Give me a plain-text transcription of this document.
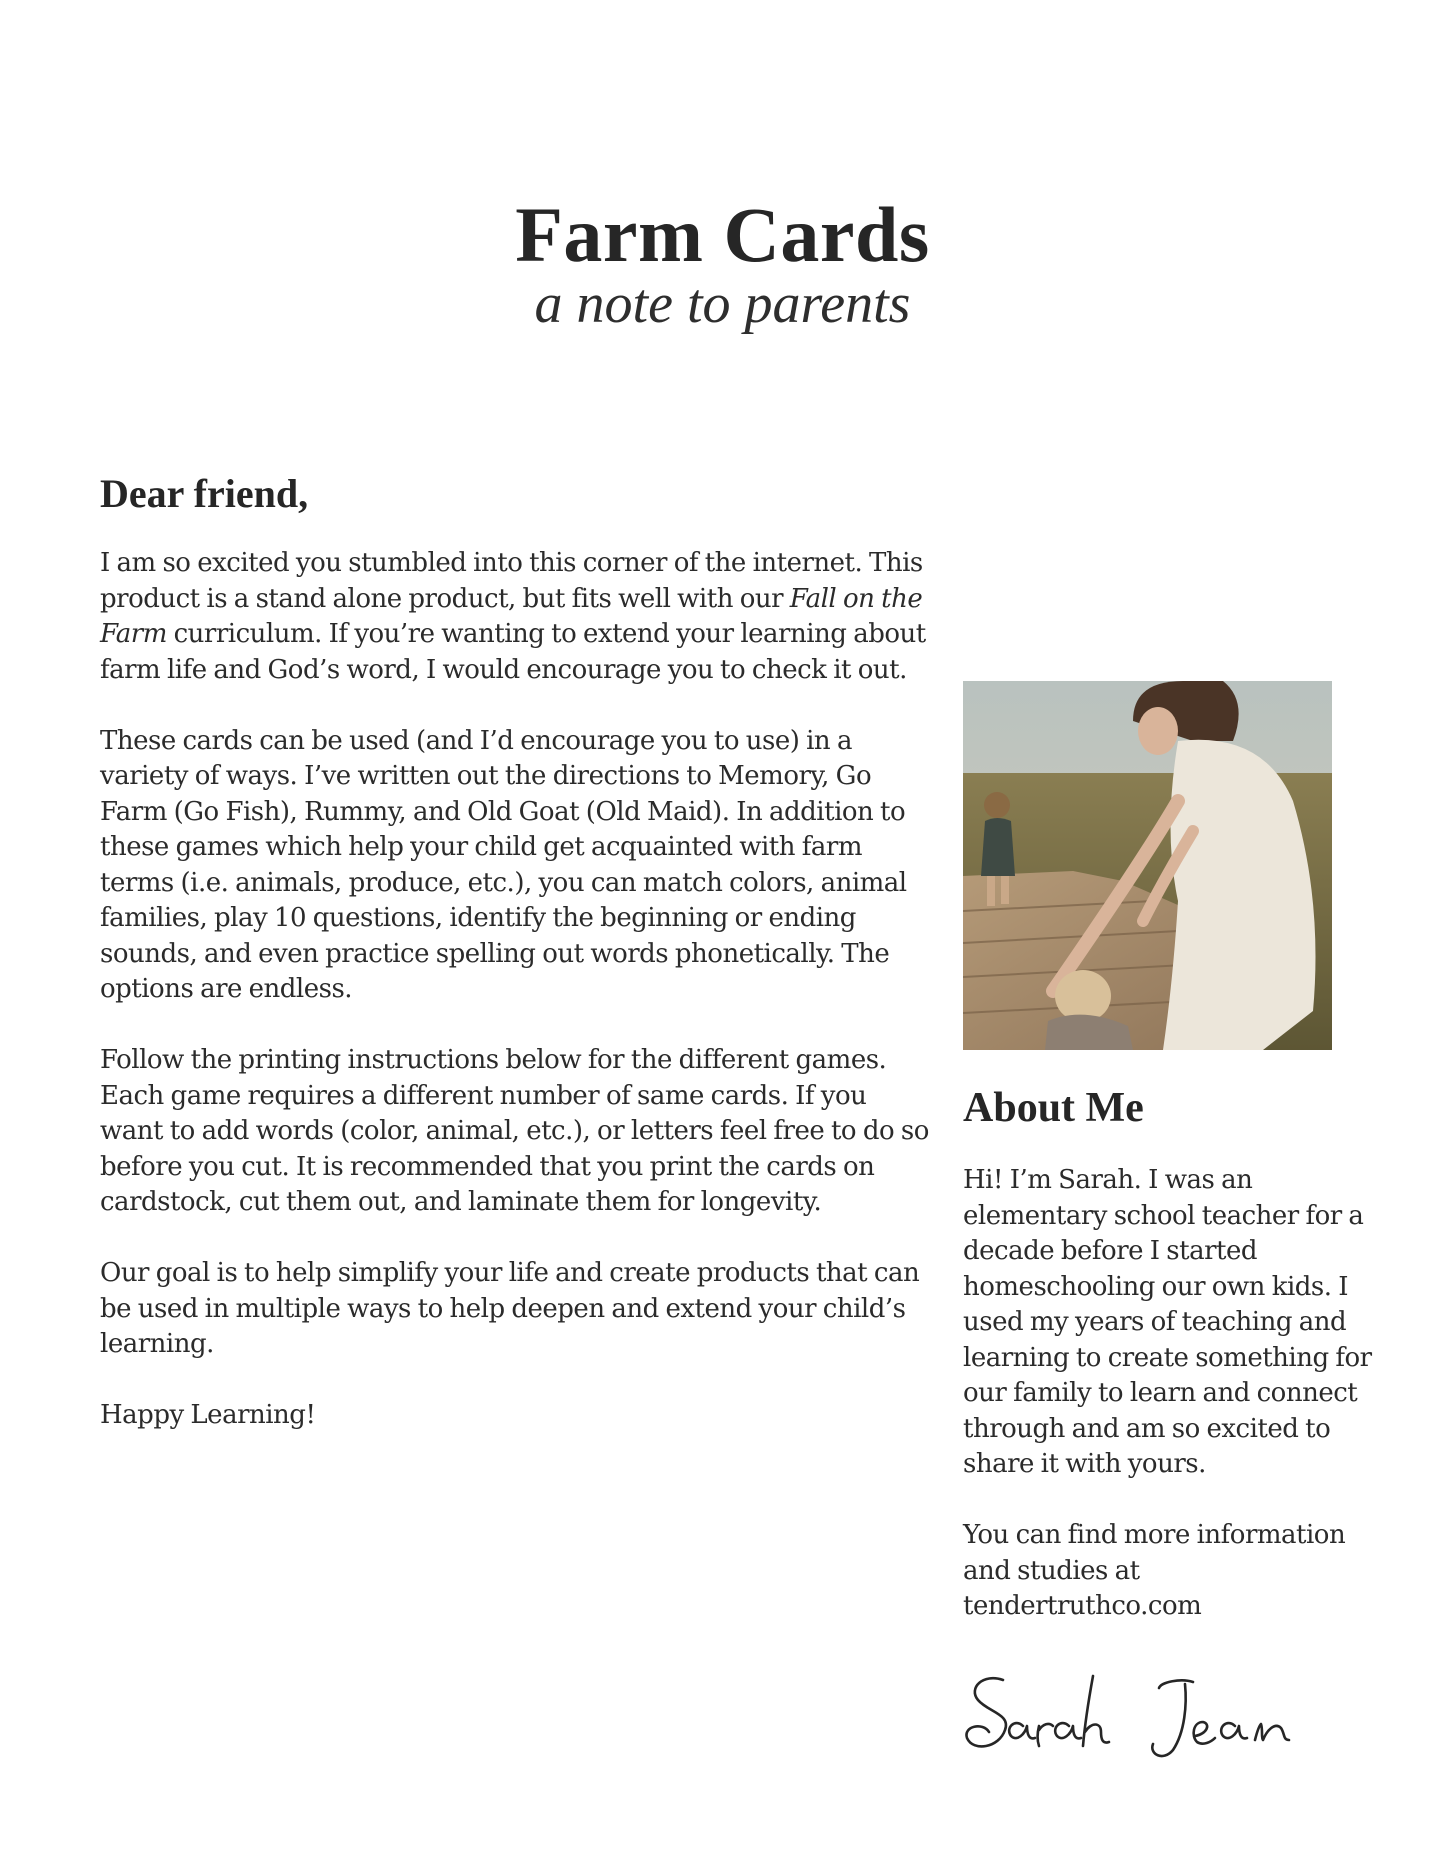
Farm Cards
a note to parents
Dear friend,

I am so excited you stumbled into this corner of the internet. This product is a stand alone product, but fits well with our Fall on the Farm curriculum. If you’re wanting to extend your learning about farm life and God’s word, I would encourage you to check it out.

These cards can be used (and I’d encourage you to use) in a variety of ways. I’ve written out the directions to Memory, Go Farm (Go Fish), Rummy, and Old Goat (Old Maid). In addition to these games which help your child get acquainted with farm terms (i.e. animals, produce, etc.), you can match colors, animal families, play 10 questions, identify the beginning or ending sounds, and even practice spelling out words phonetically. The options are endless.

Follow the printing instructions below for the different games. Each game requires a different number of same cards. If you want to add words (color, animal, etc.), or letters feel free to do so before you cut. It is recommended that you print the cards on cardstock, cut them out, and laminate them for longevity.

Our goal is to help simplify your life and create products that can be used in multiple ways to help deepen and extend your child’s learning.

Happy Learning!

About Me

Hi! I’m Sarah. I was an elementary school teacher for a decade before I started homeschooling our own kids. I used my years of teaching and learning to create something for our family to learn and connect through and am so excited to share it with yours.

You can find more information and studies at tendertruthco.com
